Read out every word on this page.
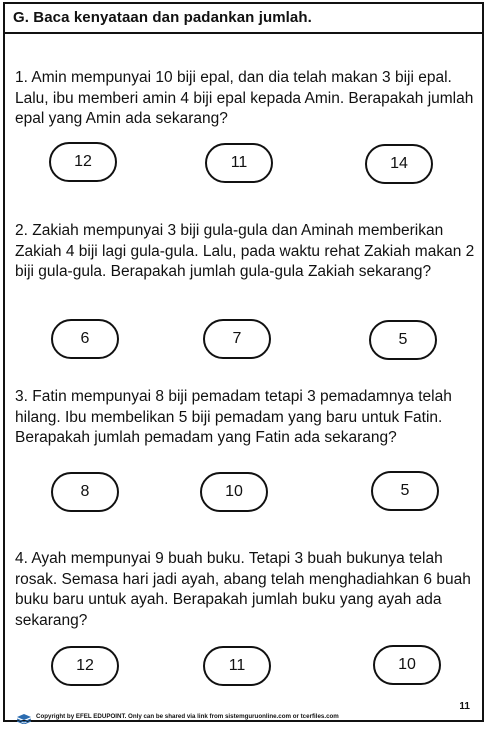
G. Baca kenyataan dan padankan jumlah.
1. Amin mempunyai 10 biji epal, dan dia telah makan 3 biji epal. Lalu, ibu memberi amin 4 biji epal kepada Amin. Berapakah jumlah epal yang Amin ada sekarang?
12	11	14
2. Zakiah mempunyai 3 biji gula-gula dan Aminah memberikan Zakiah 4 biji lagi gula-gula. Lalu, pada waktu rehat Zakiah makan 2 biji gula-gula. Berapakah jumlah gula-gula Zakiah sekarang?
6	7	5
3. Fatin mempunyai 8 biji pemadam tetapi 3 pemadamnya telah hilang. Ibu membelikan 5 biji pemadam yang baru untuk Fatin. Berapakah jumlah pemadam yang Fatin ada sekarang?
8	10	5
4. Ayah mempunyai 9 buah buku. Tetapi 3 buah bukunya telah rosak. Semasa hari jadi ayah, abang telah menghadiahkan 6 buah buku baru untuk ayah. Berapakah jumlah buku yang ayah ada sekarang?
12	11	10
11
Copyright by EFEL EDUPOINT. Only can be shared via link from sistemguruonline.com or tcerfiles.com
